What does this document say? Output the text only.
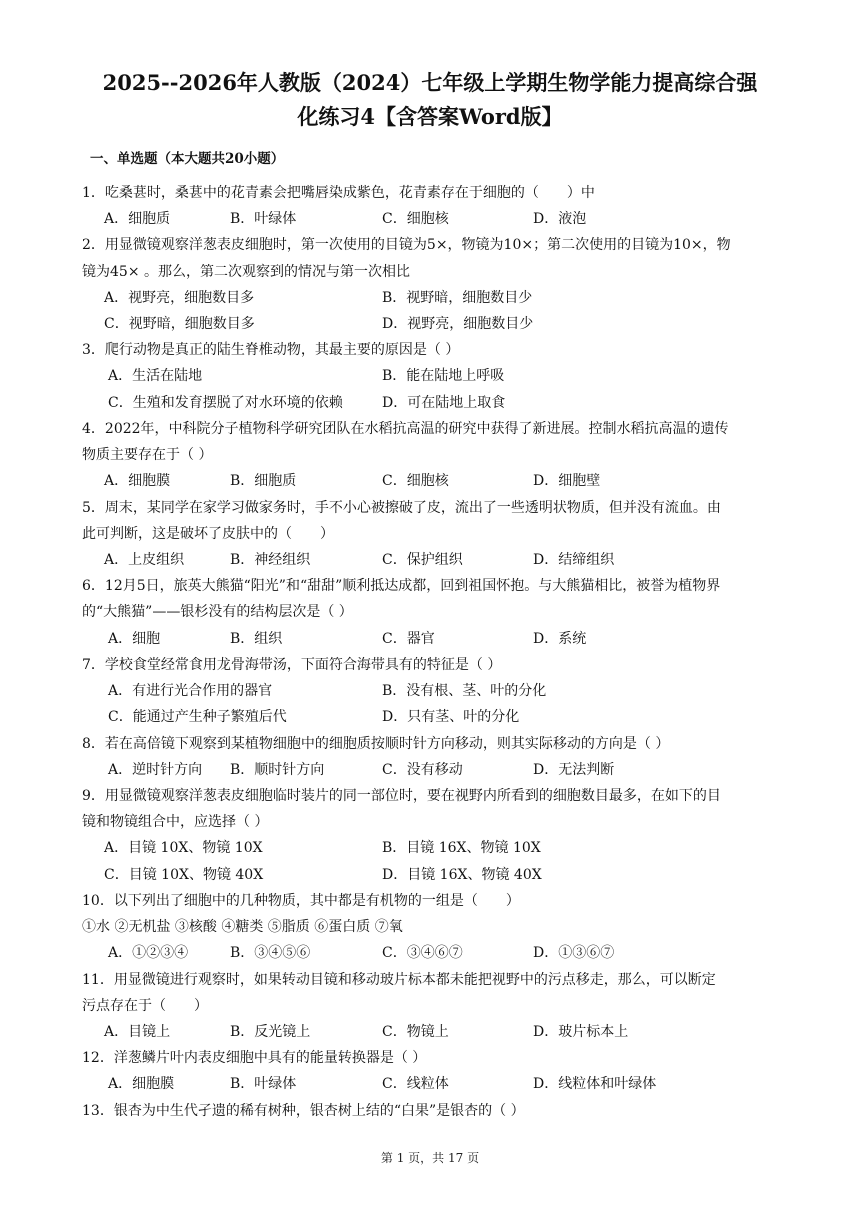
2025--2026年人教版（2024）七年级上学期生物学能力提高综合强
化练习4【含答案Word版】
一、单选题（本大题共20小题）
1．吃桑葚时，桑葚中的花青素会把嘴唇染成紫色，花青素存在于细胞的（　　）中
A．细胞质	B．叶绿体	C．细胞核	D．液泡
2．用显微镜观察洋葱表皮细胞时，第一次使用的目镜为5×，物镜为10×；第二次使用的目镜为10×，物
镜为45× 。那么，第二次观察到的情况与第一次相比
A．视野亮，细胞数目多	B．视野暗，细胞数目少
C．视野暗，细胞数目多	D．视野亮，细胞数目少
3．爬行动物是真正的陆生脊椎动物，其最主要的原因是（ ）
A．生活在陆地	B．能在陆地上呼吸
C．生殖和发育摆脱了对水环境的依赖	D．可在陆地上取食
4．2022年，中科院分子植物科学研究团队在水稻抗高温的研究中获得了新进展。控制水稻抗高温的遗传
物质主要存在于（ ）
A．细胞膜	B．细胞质	C．细胞核	D．细胞壁
5．周末，某同学在家学习做家务时，手不小心被擦破了皮，流出了一些透明状物质，但并没有流血。由
此可判断，这是破坏了皮肤中的（　　）
A．上皮组织	B．神经组织	C．保护组织	D．结缔组织
6．12月5日，旅英大熊猫“阳光”和“甜甜”顺利抵达成都，回到祖国怀抱。与大熊猫相比，被誉为植物界
的“大熊猫”——银杉没有的结构层次是（ ）
A．细胞	B．组织	C．器官	D．系统
7．学校食堂经常食用龙骨海带汤，下面符合海带具有的特征是（ ）
A．有进行光合作用的器官	B．没有根、茎、叶的分化
C．能通过产生种子繁殖后代	D．只有茎、叶的分化
8．若在高倍镜下观察到某植物细胞中的细胞质按顺时针方向移动，则其实际移动的方向是（ ）
A．逆时针方向 B．顺时针方向	C．没有移动	D．无法判断
9．用显微镜观察洋葱表皮细胞临时装片的同一部位时，要在视野内所看到的细胞数目最多，在如下的目
镜和物镜组合中，应选择（ ）
A．目镜 10X、物镜 10X	B．目镜 16X、物镜 10X
C．目镜 10X、物镜 40X	D．目镜 16X、物镜 40X
10．以下列出了细胞中的几种物质，其中都是有机物的一组是（　　）
①水 ②无机盐 ③核酸 ④糖类 ⑤脂质 ⑥蛋白质 ⑦氧
A．①②③④	B．③④⑤⑥	C．③④⑥⑦	D．①③⑥⑦
11．用显微镜进行观察时，如果转动目镜和移动玻片标本都未能把视野中的污点移走，那么，可以断定
污点存在于（　　）
A．目镜上	B．反光镜上	C．物镜上	D．玻片标本上
12．洋葱鳞片叶内表皮细胞中具有的能量转换器是（ ）
A．细胞膜	B．叶绿体	C．线粒体	D．线粒体和叶绿体
13．银杏为中生代孑遗的稀有树种，银杏树上结的“白果”是银杏的（ ）
第 1 页，共 17 页
